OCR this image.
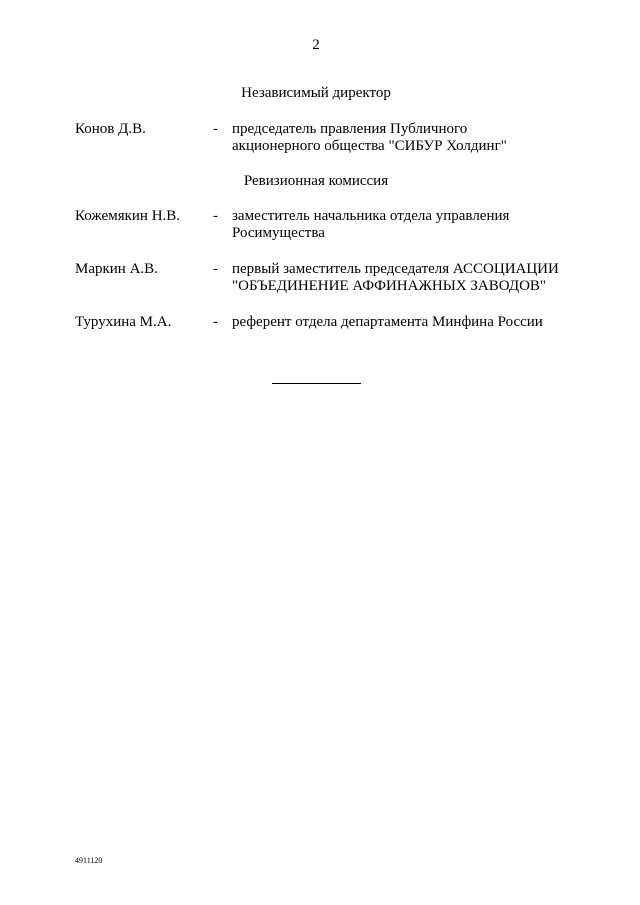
2
Независимый директор
Конов Д.В.	- председатель правления Публичного
акционерного общества "СИБУР Холдинг"
Ревизионная комиссия
Кожемякин Н.В. - заместитель начальника отдела управления
Росимущества
Маркин А.В.	- первый заместитель председателя АССОЦИАЦИИ
"ОБЪЕДИНЕНИЕ АФФИНАЖНЫХ ЗАВОДОВ"
Турухина М.А.	- референт отдела департамента Минфина России
4911120
